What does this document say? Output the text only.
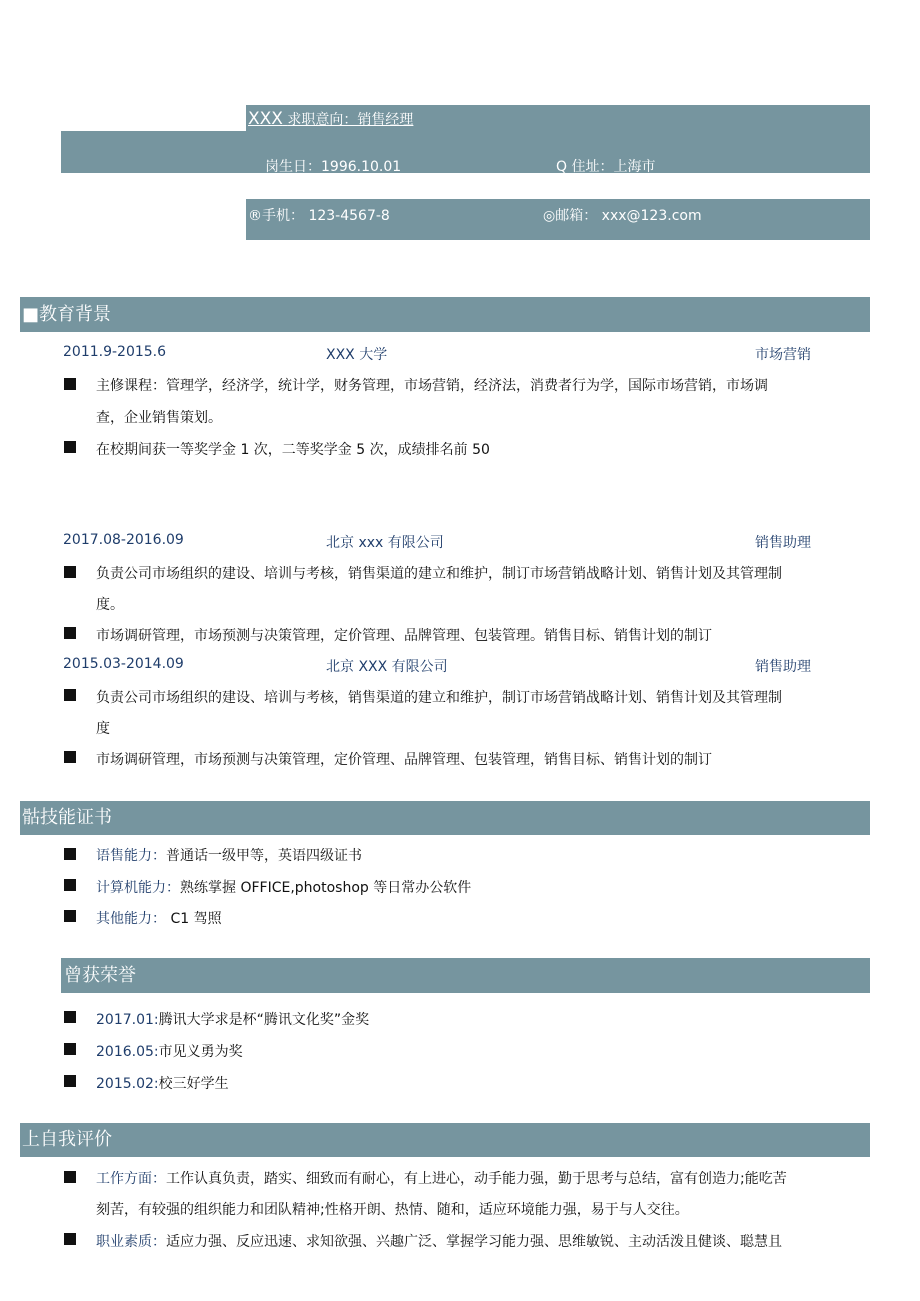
XXX 求职意向：销售经理
岗生日：1996.10.01	Q 住址：上海市
®手机： 123-4567-8	◎邮箱： xxx@123.com
■教育背景
2011.9-2015.6	XXX 大学	市场营销
主修课程：管理学，经济学，统计学，财务管理，市场营销，经济法，消费者行为学，国际市场营销，市场调
查，企业销售策划。
在校期间获一等奖学金 1 次，二等奖学金 5 次，成绩排名前 50
2017.08-2016.09	北京 xxx 有限公司	销售助理
负责公司市场组织的建设、培训与考核，销售渠道的建立和维护，制订市场营销战略计划、销售计划及其管理制
度。
市场调研管理，市场预测与决策管理，定价管理、品牌管理、包装管理。销售目标、销售计划的制订
2015.03-2014.09	北京 XXX 有限公司	销售助理
负责公司市场组织的建设、培训与考核，销售渠道的建立和维护，制订市场营销战略计划、销售计划及其管理制
度
市场调研管理，市场预测与决策管理，定价管理、品牌管理、包装管理，销售目标、销售计划的制订
骷技能证书
语售能力：普通话一级甲等，英语四级证书
计算机能力：熟练掌握 OFFICE,photoshop 等日常办公软件
其他能力： C1 驾照
曾获荣誉
2017.01:腾讯大学求是杯“腾讯文化奖”金奖
2016.05:市见义勇为奖
2015.02:校三好学生
上自我评价
工作方面：工作认真负责，踏实、细致而有耐心，有上进心，动手能力强，勤于思考与总结，富有创造力;能吃苦
刻苦，有较强的组织能力和团队精神;性格开朗、热情、随和，适应环境能力强，易于与人交往。
职业素质：适应力强、反应迅速、求知欲强、兴趣广泛、掌握学习能力强、思维敏锐、主动活泼且健谈、聪慧且
